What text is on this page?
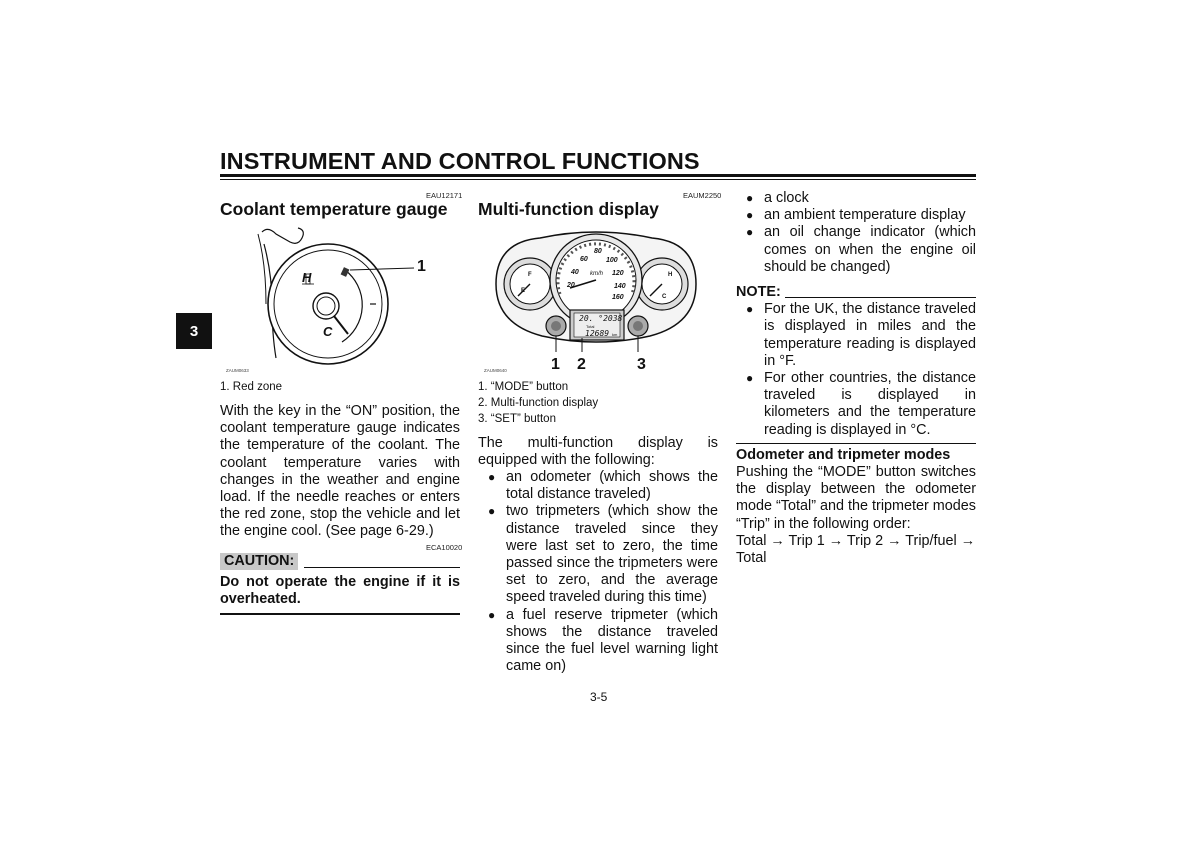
INSTRUMENT AND CONTROL FUNCTIONS
3
EAU12171
Coolant temperature gauge
H
C
1
ZAUM0633
1. Red zone
With the key in the “ON” position, the coolant temperature gauge indicates the temperature of the coolant. The coolant temperature varies with changes in the weather and engine load. If the needle reaches or enters the red zone, stop the vehicle and let the engine cool. (See page 6-29.)
ECA10020
CAUTION:
Do not operate the engine if it is overheated.
EAUM2250
Multi-function display
20
40
60
80
100
120
140
160
km/h
F
E
H
C
20. °2038
Total
12689 km
1 2	3
ZAUM0640
1. “MODE” button
2. Multi-function display
3. “SET” button
The multi-function display is equipped with the following:
● an odometer (which shows the total distance traveled)
● two tripmeters (which show the distance traveled since they were last set to zero, the time passed since the tripmeters were set to zero, and the average speed traveled during this time)
● a fuel reserve tripmeter (which shows the distance traveled since the fuel level warning light came on)
● a clock
● an ambient temperature display
● an oil change indicator (which comes on when the engine oil should be changed)
NOTE:
● For the UK, the distance traveled is displayed in miles and the temperature reading is displayed in °F.
● For other countries, the distance traveled is displayed in kilometers and the temperature reading is displayed in °C.
Odometer and tripmeter modes
Pushing the “MODE” button switches the display between the odometer mode “Total” and the tripmeter modes “Trip” in the following order:
Total → Trip 1 → Trip 2 → Trip/fuel → Total
3-5
